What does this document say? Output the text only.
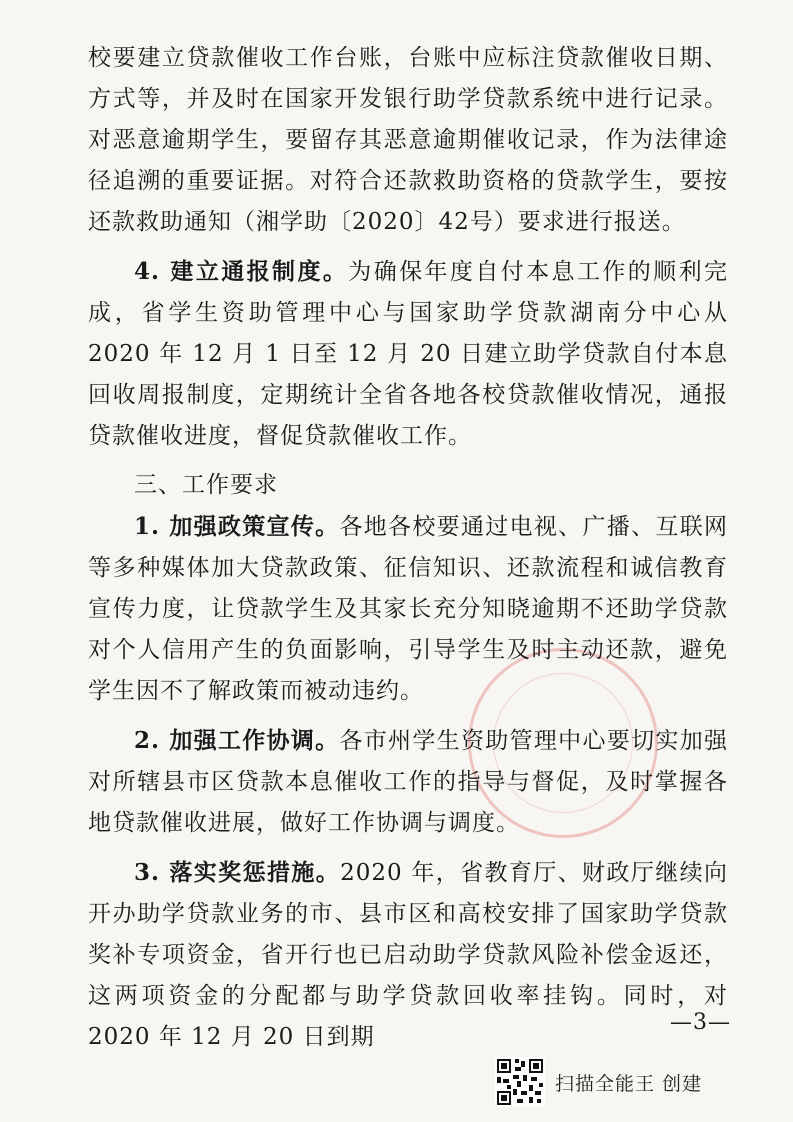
校要建立贷款催收工作台账，台账中应标注贷款催收日期、方式等，并及时在国家开发银行助学贷款系统中进行记录。对恶意逾期学生，要留存其恶意逾期催收记录，作为法律途径追溯的重要证据。对符合还款救助资格的贷款学生，要按还款救助通知（湘学助〔2020〕42号）要求进行报送。

4. 建立通报制度。为确保年度自付本息工作的顺利完成，省学生资助管理中心与国家助学贷款湖南分中心从 2020 年 12 月 1 日至 12 月 20 日建立助学贷款自付本息回收周报制度，定期统计全省各地各校贷款催收情况，通报贷款催收进度，督促贷款催收工作。

三、工作要求

1. 加强政策宣传。各地各校要通过电视、广播、互联网等多种媒体加大贷款政策、征信知识、还款流程和诚信教育宣传力度，让贷款学生及其家长充分知晓逾期不还助学贷款对个人信用产生的负面影响，引导学生及时主动还款，避免学生因不了解政策而被动违约。

2. 加强工作协调。各市州学生资助管理中心要切实加强对所辖县市区贷款本息催收工作的指导与督促，及时掌握各地贷款催收进展，做好工作协调与调度。

3. 落实奖惩措施。2020 年，省教育厅、财政厅继续向开办助学贷款业务的市、县市区和高校安排了国家助学贷款奖补专项资金，省开行也已启动助学贷款风险补偿金返还，这两项资金的分配都与助学贷款回收率挂钩。同时，对 2020 年 12 月 20 日到期

—3—
扫描全能王 创建
